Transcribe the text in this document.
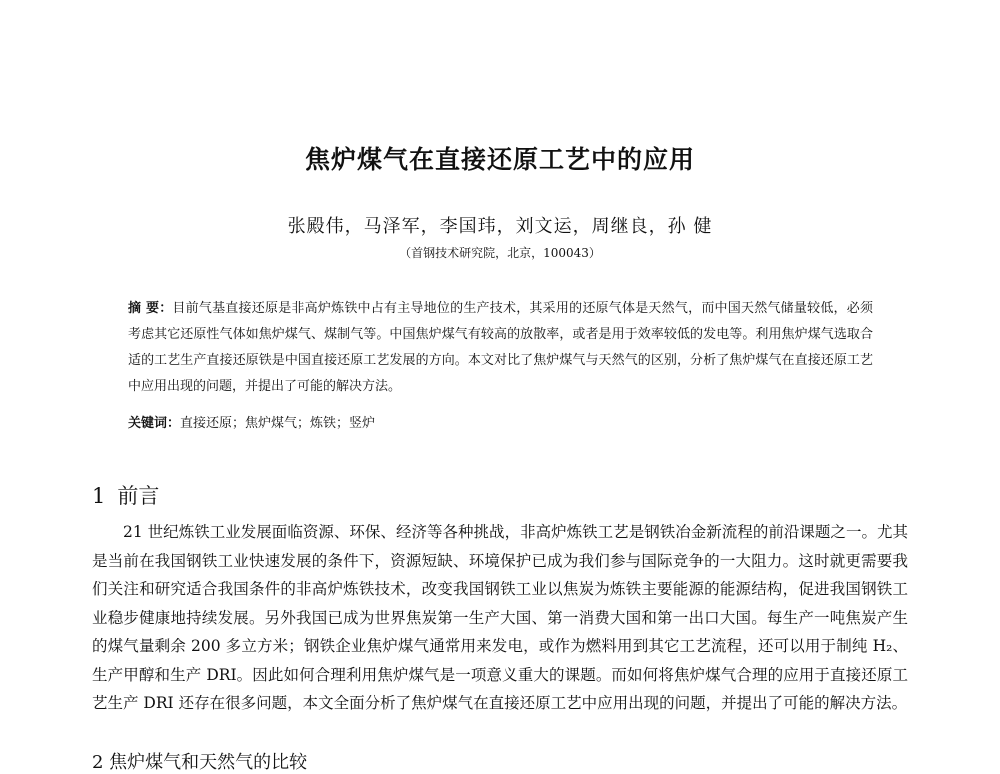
焦炉煤气在直接还原工艺中的应用
张殿伟，马泽军，李国玮，刘文运，周继良，孙 健
（首钢技术研究院，北京，100043）
摘 要：目前气基直接还原是非高炉炼铁中占有主导地位的生产技术，其采用的还原气体是天然气，而中国天然气储量较低，必须考虑其它还原性气体如焦炉煤气、煤制气等。中国焦炉煤气有较高的放散率，或者是用于效率较低的发电等。利用焦炉煤气选取合适的工艺生产直接还原铁是中国直接还原工艺发展的方向。本文对比了焦炉煤气与天然气的区别，分析了焦炉煤气在直接还原工艺中应用出现的问题，并提出了可能的解决方法。
关键词：直接还原；焦炉煤气；炼铁；竖炉
1 前言
21 世纪炼铁工业发展面临资源、环保、经济等各种挑战，非高炉炼铁工艺是钢铁冶金新流程的前沿课题之一。尤其是当前在我国钢铁工业快速发展的条件下，资源短缺、环境保护已成为我们参与国际竞争的一大阻力。这时就更需要我们关注和研究适合我国条件的非高炉炼铁技术，改变我国钢铁工业以焦炭为炼铁主要能源的能源结构，促进我国钢铁工业稳步健康地持续发展。另外我国已成为世界焦炭第一生产大国、第一消费大国和第一出口大国。每生产一吨焦炭产生的煤气量剩余 200 多立方米；钢铁企业焦炉煤气通常用来发电，或作为燃料用到其它工艺流程，还可以用于制纯 H₂、生产甲醇和生产 DRI。因此如何合理利用焦炉煤气是一项意义重大的课题。而如何将焦炉煤气合理的应用于直接还原工艺生产 DRI 还存在很多问题，本文全面分析了焦炉煤气在直接还原工艺中应用出现的问题，并提出了可能的解决方法。
2 焦炉煤气和天然气的比较
